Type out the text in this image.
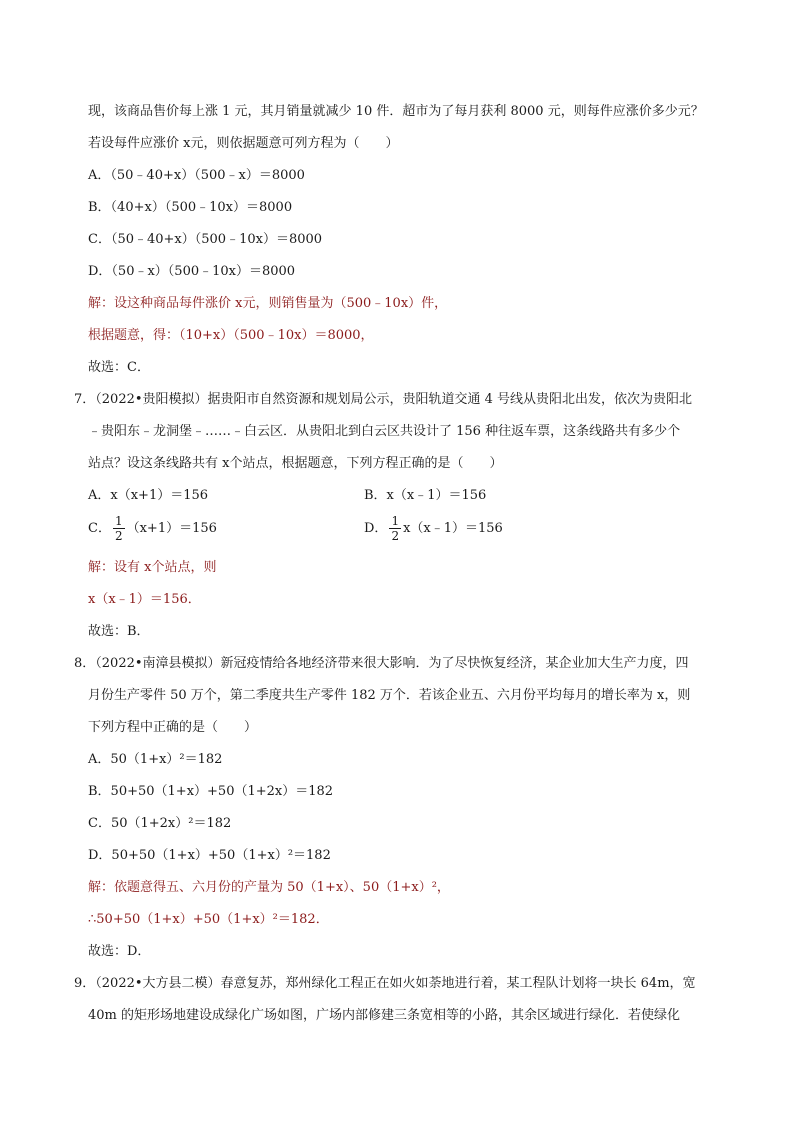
现，该商品售价每上涨 1 元，其月销量就减少 10 件．超市为了每月获利 8000 元，则每件应涨价多少元？
若设每件应涨价 x元，则依据题意可列方程为（　　）
A．（50﹣40+x）（500﹣x）＝8000
B．（40+x）（500﹣10x）＝8000
C．（50﹣40+x）（500﹣10x）＝8000
D．（50﹣x）（500﹣10x）＝8000
解：设这种商品每件涨价 x元，则销售量为（500﹣10x）件，
根据题意，得：（10+x）（500﹣10x）＝8000，
故选：C．
7．（2022•贵阳模拟）据贵阳市自然资源和规划局公示，贵阳轨道交通 4 号线从贵阳北出发，依次为贵阳北
﹣贵阳东﹣龙洞堡﹣……﹣白云区．从贵阳北到白云区共设计了 156 种往返车票，这条线路共有多少个
站点？设这条线路共有 x个站点，根据题意，下列方程正确的是（　　）
A．x（x+1）＝156	B．x（x﹣1）＝156
C． $\frac{1}{2} (x+1)=156$	D． $\frac{1}{2}$ x（x﹣1）＝156
解：设有 x个站点，则
x（x﹣1）＝156．
故选：B．
8．（2022•南漳县模拟）新冠疫情给各地经济带来很大影响．为了尽快恢复经济，某企业加大生产力度，四
月份生产零件 50 万个，第二季度共生产零件 182 万个．若该企业五、六月份平均每月的增长率为 x，则
下列方程中正确的是（　　）
A．50（1+x）²＝182
B．50+50（1+x）+50（1+2x）＝182
C．50（1+2x）²＝182
D．50+50（1+x）+50（1+x）²＝182
解：依题意得五、六月份的产量为 50（1+x）、50（1+x）²，
∴50+50（1+x）+50（1+x）²＝182．
故选：D．
9．（2022•大方县二模）春意复苏，郑州绿化工程正在如火如荼地进行着，某工程队计划将一块长 64m，宽
40m 的矩形场地建设成绿化广场如图，广场内部修建三条宽相等的小路，其余区域进行绿化．若使绿化
